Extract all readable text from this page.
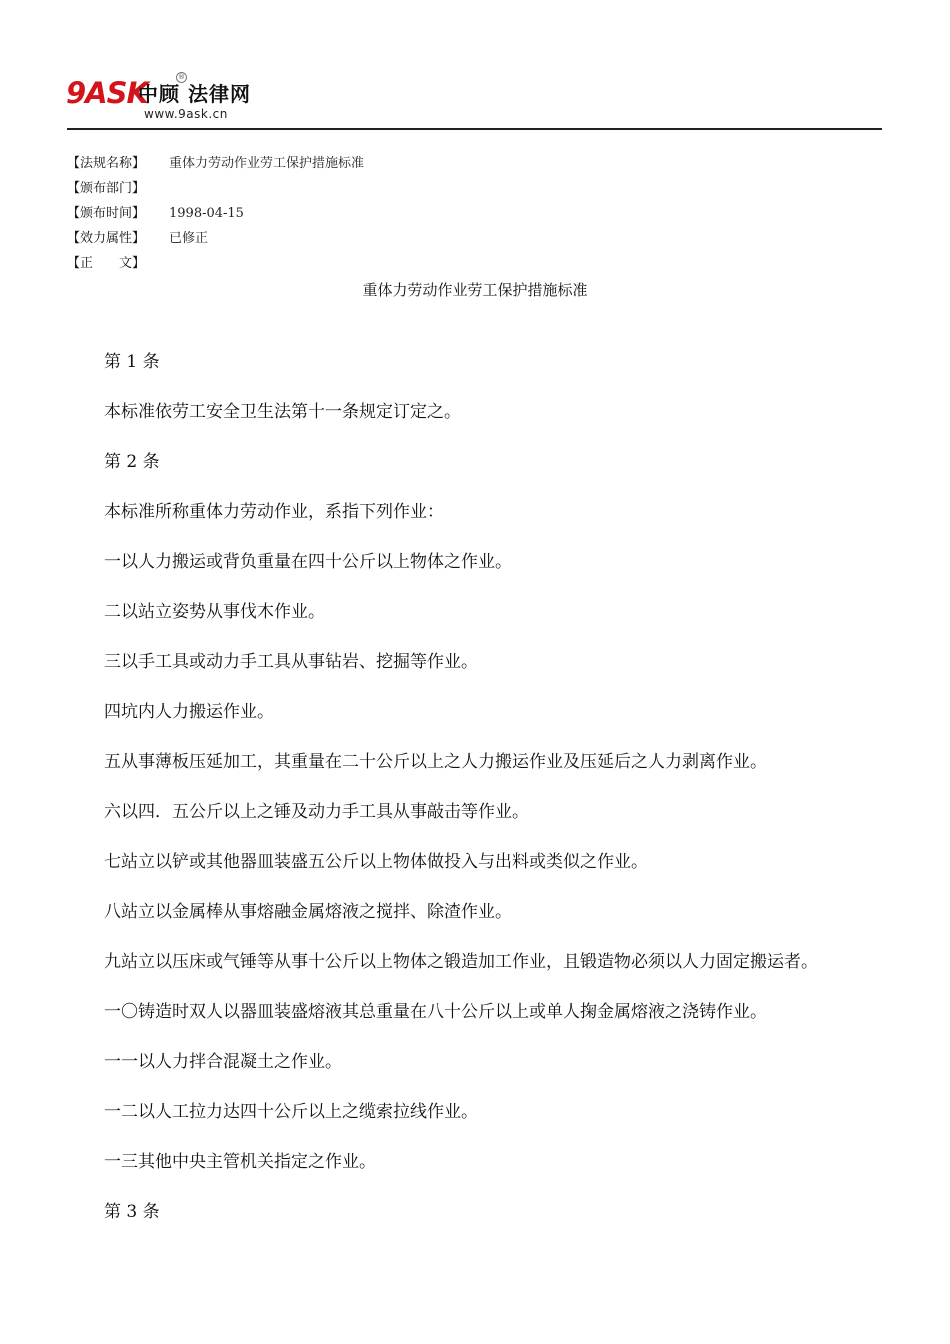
9ASK
中顾 法律网
®
www.9ask.cn
【法规名称】	重体力劳动作业劳工保护措施标准
【颁布部门】
【颁布时间】	1998-04-15
【效力属性】	已修正
【正　　文】
重体力劳动作业劳工保护措施标准

第 1 条

本标准依劳工安全卫生法第十一条规定订定之。

第 2 条

本标准所称重体力劳动作业，系指下列作业：

一以人力搬运或背负重量在四十公斤以上物体之作业。

二以站立姿势从事伐木作业。

三以手工具或动力手工具从事钻岩、挖掘等作业。

四坑内人力搬运作业。

五从事薄板压延加工，其重量在二十公斤以上之人力搬运作业及压延后之人力剥离作业。

六以四．五公斤以上之锤及动力手工具从事敲击等作业。

七站立以铲或其他器皿装盛五公斤以上物体做投入与出料或类似之作业。

八站立以金属棒从事熔融金属熔液之搅拌、除渣作业。

九站立以压床或气锤等从事十公斤以上物体之锻造加工作业，且锻造物必须以人力固定搬运者。

一〇铸造时双人以器皿装盛熔液其总重量在八十公斤以上或单人掬金属熔液之浇铸作业。

一一以人力拌合混凝土之作业。

一二以人工拉力达四十公斤以上之缆索拉线作业。

一三其他中央主管机关指定之作业。

第 3 条
